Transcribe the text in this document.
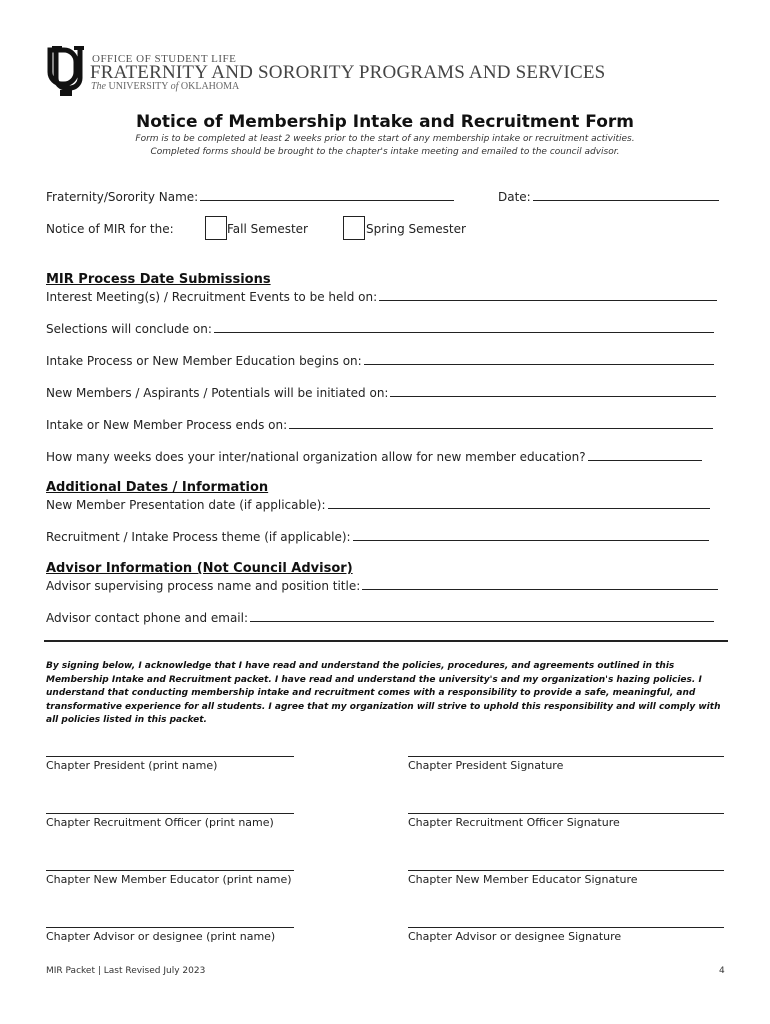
OFFICE OF STUDENT LIFE
FRATERNITY AND SORORITY PROGRAMS AND SERVICES
The UNIVERSITY of OKLAHOMA
Notice of Membership Intake and Recruitment Form
Form is to be completed at least 2 weeks prior to the start of any membership intake or recruitment activities.
Completed forms should be brought to the chapter's intake meeting and emailed to the council advisor.
Fraternity/Sorority Name:	Date:
Notice of MIR for the:	Fall Semester	Spring Semester
MIR Process Date Submissions
Interest Meeting(s) / Recruitment Events to be held on:
Selections will conclude on:
Intake Process or New Member Education begins on:
New Members / Aspirants / Potentials will be initiated on:
Intake or New Member Process ends on:
How many weeks does your inter/national organization allow for new member education?
Additional Dates / Information
New Member Presentation date (if applicable):
Recruitment / Intake Process theme (if applicable):
Advisor Information (Not Council Advisor)
Advisor supervising process name and position title:
Advisor contact phone and email:
By signing below, I acknowledge that I have read and understand the policies, procedures, and agreements outlined in this Membership Intake and Recruitment packet. I have read and understand the university's and my organization's hazing policies. I understand that conducting membership intake and recruitment comes with a responsibility to provide a safe, meaningful, and transformative experience for all students. I agree that my organization will strive to uphold this responsibility and will comply with all policies listed in this packet.
Chapter President (print name)	Chapter President Signature
Chapter Recruitment Officer (print name)	Chapter Recruitment Officer Signature
Chapter New Member Educator (print name)	Chapter New Member Educator Signature
Chapter Advisor or designee (print name)	Chapter Advisor or designee Signature
MIR Packet | Last Revised July 2023	4
